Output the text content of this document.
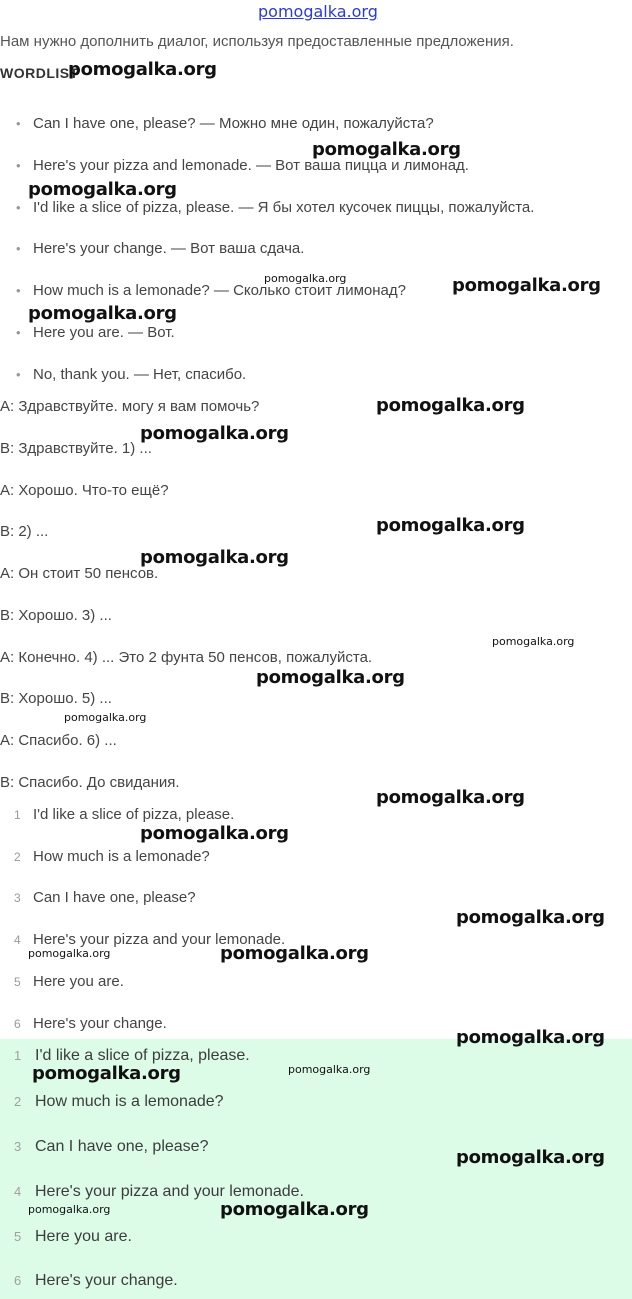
pomogalka.org
Нам нужно дополнить диалог, используя предоставленные предложения.
WORDLIST
• Can I have one, please? — Можно мне один, пожалуйста?
• Here's your pizza and lemonade. — Вот ваша пицца и лимонад.
• I'd like a slice of pizza, please. — Я бы хотел кусочек пиццы, пожалуйста.
• Here's your change. — Вот ваша сдача.
• How much is a lemonade? — Сколько стоит лимонад?
• Here you are. — Вот.
• No, thank you. — Нет, спасибо.
A: Здравствуйте. могу я вам помочь?
B: Здравствуйте. 1) ...
A: Хорошо. Что-то ещё?
B: 2) ...
A: Он стоит 50 пенсов.
B: Хорошо. 3) ...
A: Конечно. 4) ... Это 2 фунта 50 пенсов, пожалуйста.
B: Хорошо. 5) ...
A: Спасибо. 6) ...
B: Спасибо. До свидания.
1 I'd like a slice of pizza, please.
2 How much is a lemonade?
3 Can I have one, please?
4 Here's your pizza and your lemonade.
5 Here you are.
6 Here's your change.
1 I'd like a slice of pizza, please.
2 How much is a lemonade?
3 Can I have one, please?
4 Here's your pizza and your lemonade.
5 Here you are.
6 Here's your change.
pomogalka.org
pomogalka.org
pomogalka.org
pomogalka.org	pomogalka.org
pomogalka.org
pomogalka.org
pomogalka.org
pomogalka.org
pomogalka.org
pomogalka.org
pomogalka.org
pomogalka.org
pomogalka.org
pomogalka.org
pomogalka.org
pomogalka.org	pomogalka.org
pomogalka.org
pomogalka.org	pomogalka.org
pomogalka.org
pomogalka.org	pomogalka.org
